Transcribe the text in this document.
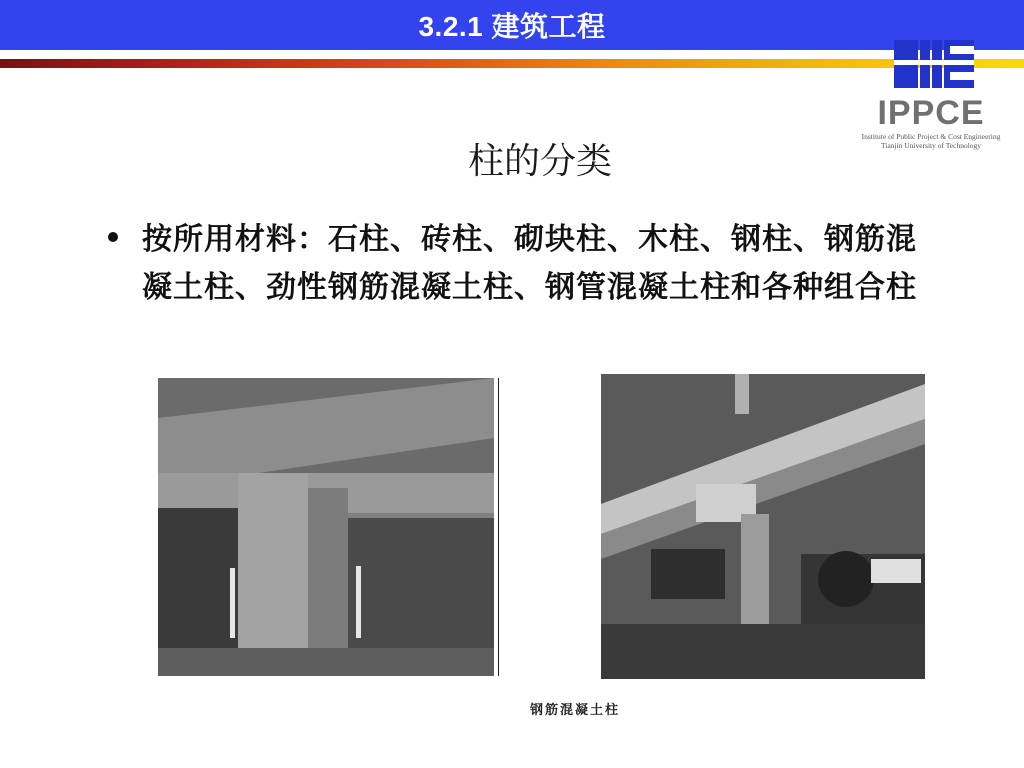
3.2.1 建筑工程
IPPCE
Institute of Public Project & Cost Engineering
Tianjin University of Technology
柱的分类
按所用材料：石柱、砖柱、砌块柱、木柱、钢柱、钢筋混凝土柱、劲性钢筋混凝土柱、钢管混凝土柱和各种组合柱
钢筋混凝土柱
